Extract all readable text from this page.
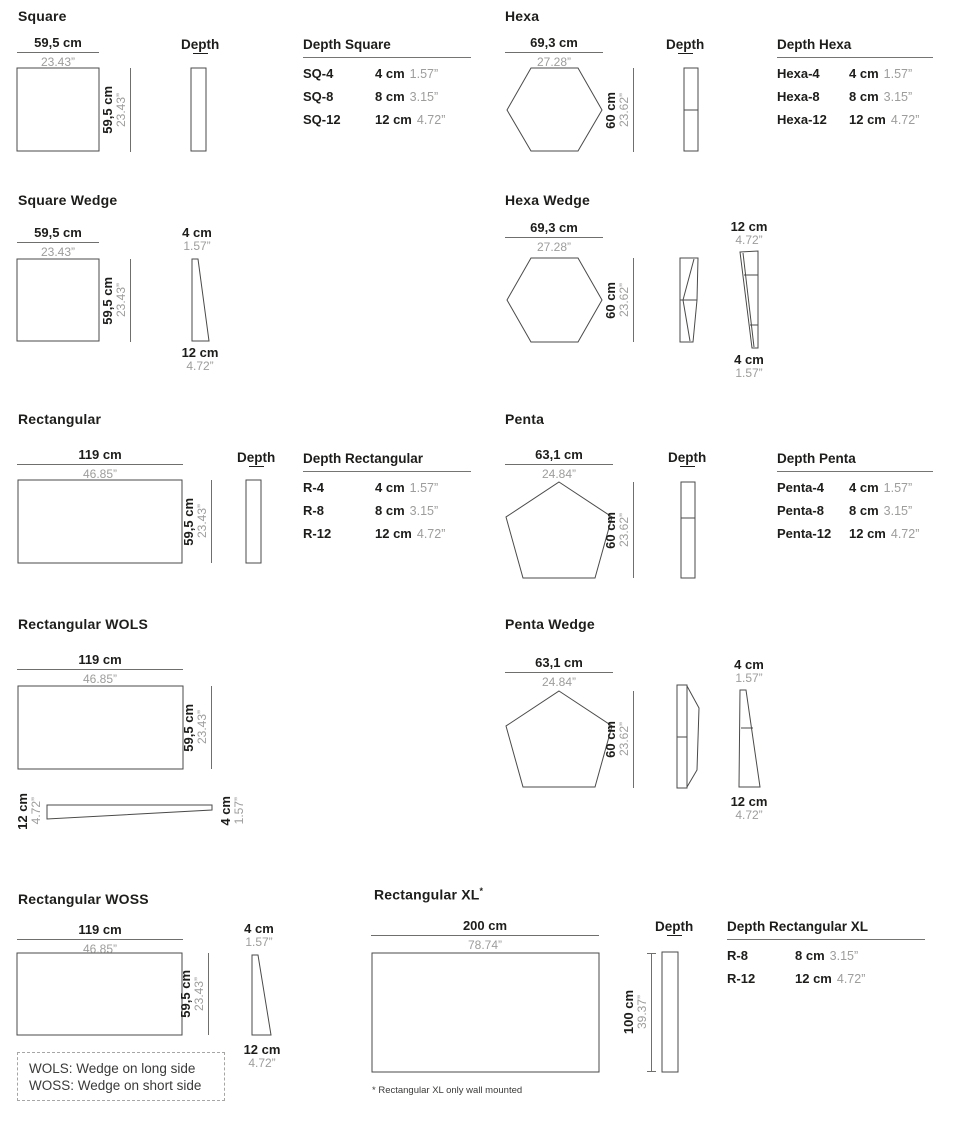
Square	Hexa
Square Wedge	Hexa Wedge
Rectangular	Penta
Rectangular WOLS	Penta Wedge
Rectangular WOSS	Rectangular XL*
59,5 cm
23.43”
69,3 cm
27.28”
59,5 cm
23.43”
69,3 cm
27.28”
119 cm
46.85”
63,1 cm
24.84”
119 cm
46.85”
63,1 cm
24.84”
119 cm
46.85”
200 cm
78.74”
59,5 cm 23.43”	60 cm 23.62”
59,5 cm 23.43”	60 cm 23.62”
59,5 cm 23.43”	60 cm 23.62”
59,5 cm 23.43”	60 cm 23.62”
59,5 cm 23.43”	100 cm 39.37”
4 cm
1.57”
12 cm
4.72”
12 cm
4.72”
4 cm
1.57”
4 cm
1.57”
12 cm
4.72”
4 cm
1.57”
12 cm
4.72”
12 cm 4.72”	4 cm 1.57”
Depth	Depth
Depth	Depth
Depth
Depth Square
SQ-4	4 cm 1.57”
SQ-8	8 cm 3.15”
SQ-12	12 cm 4.72”
Depth Hexa
Hexa-4	4 cm 1.57”
Hexa-8	8 cm 3.15”
Hexa-12	12 cm 4.72”
Depth Rectangular
R-4	4 cm 1.57”
R-8	8 cm 3.15”
R-12	12 cm 4.72”
Depth Penta
Penta-4	4 cm 1.57”
Penta-8	8 cm 3.15”
Penta-12	12 cm 4.72”
Depth Rectangular XL
R-8	8 cm 3.15”
R-12	12 cm 4.72”
WOLS: Wedge on long side
WOSS: Wedge on short side	* Rectangular XL only wall mounted
